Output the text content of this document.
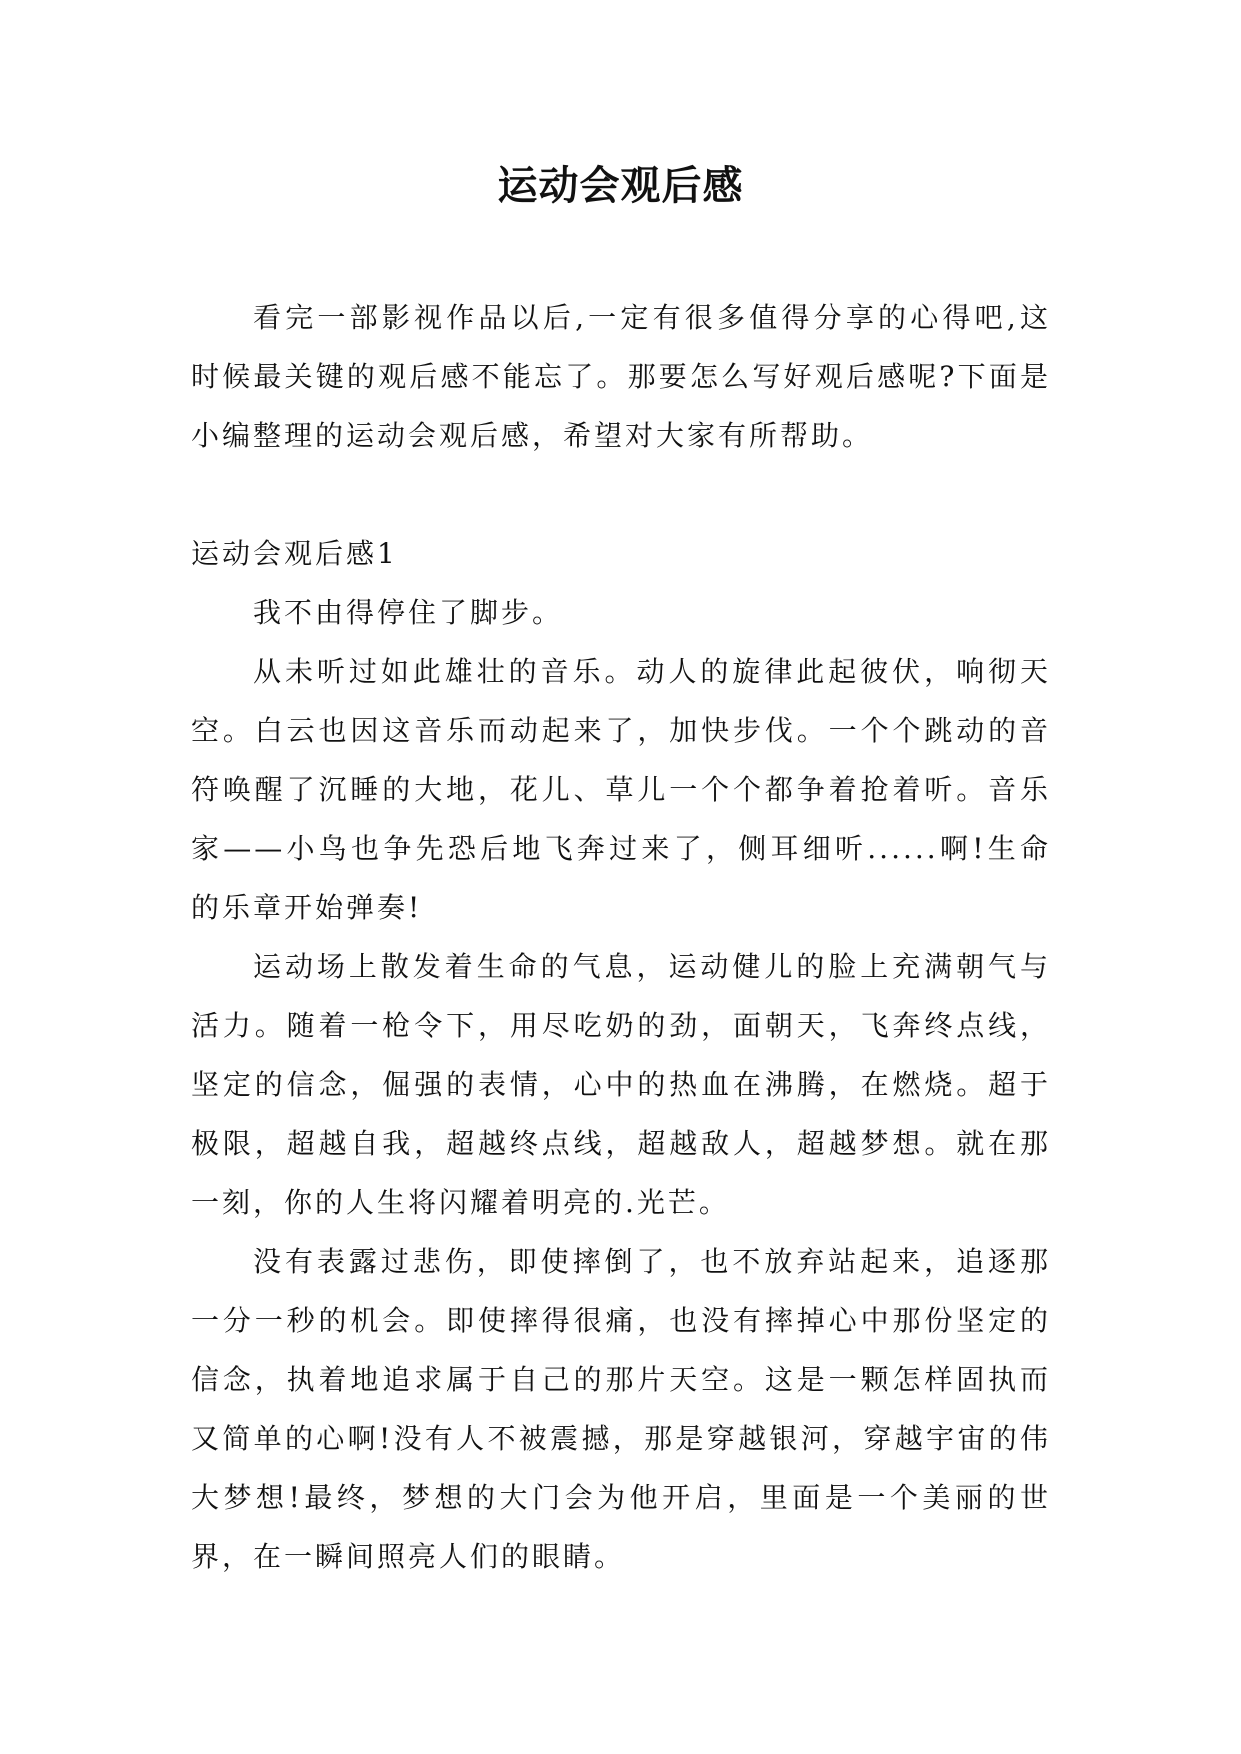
运动会观后感

看完一部影视作品以后,一定有很多值得分享的心得吧,这时候最关键的观后感不能忘了。那要怎么写好观后感呢?下面是小编整理的运动会观后感，希望对大家有所帮助。

运动会观后感1

我不由得停住了脚步。

从未听过如此雄壮的音乐。动人的旋律此起彼伏，响彻天空。白云也因这音乐而动起来了，加快步伐。一个个跳动的音符唤醒了沉睡的大地，花儿、草儿一个个都争着抢着听。音乐家——小鸟也争先恐后地飞奔过来了，侧耳细听......啊!生命的乐章开始弹奏!

运动场上散发着生命的气息，运动健儿的脸上充满朝气与活力。随着一枪令下，用尽吃奶的劲，面朝天，飞奔终点线，坚定的信念，倔强的表情，心中的热血在沸腾，在燃烧。超于极限，超越自我，超越终点线，超越敌人，超越梦想。就在那一刻，你的人生将闪耀着明亮的.光芒。

没有表露过悲伤，即使摔倒了，也不放弃站起来，追逐那一分一秒的机会。即使摔得很痛，也没有摔掉心中那份坚定的信念，执着地追求属于自己的那片天空。这是一颗怎样固执而又简单的心啊!没有人不被震撼，那是穿越银河，穿越宇宙的伟大梦想!最终，梦想的大门会为他开启，里面是一个美丽的世界，在一瞬间照亮人们的眼睛。
